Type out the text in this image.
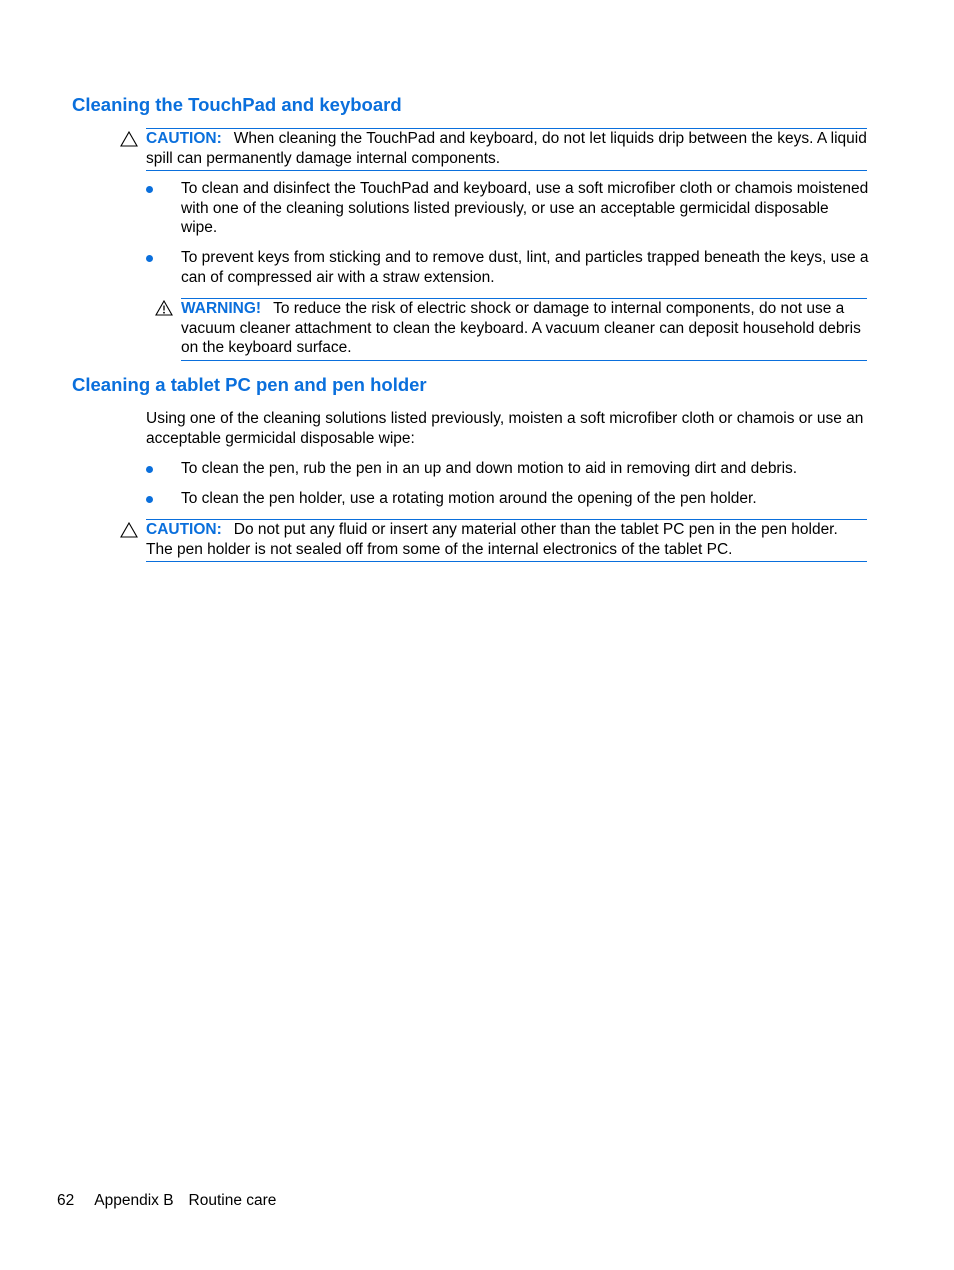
Cleaning the TouchPad and keyboard
CAUTION: When cleaning the TouchPad and keyboard, do not let liquids drip between the keys. A liquid spill can permanently damage internal components.

To clean and disinfect the TouchPad and keyboard, use a soft microfiber cloth or chamois moistened with one of the cleaning solutions listed previously, or use an acceptable germicidal disposable wipe.

To prevent keys from sticking and to remove dust, lint, and particles trapped beneath the keys, use a can of compressed air with a straw extension.

WARNING! To reduce the risk of electric shock or damage to internal components, do not use a vacuum cleaner attachment to clean the keyboard. A vacuum cleaner can deposit household debris on the keyboard surface.
Cleaning a tablet PC pen and pen holder

Using one of the cleaning solutions listed previously, moisten a soft microfiber cloth or chamois or use an acceptable germicidal disposable wipe:

To clean the pen, rub the pen in an up and down motion to aid in removing dirt and debris.

To clean the pen holder, use a rotating motion around the opening of the pen holder.

CAUTION: Do not put any fluid or insert any material other than the tablet PC pen in the pen holder. The pen holder is not sealed off from some of the internal electronics of the tablet PC.
62 Appendix B Routine care
